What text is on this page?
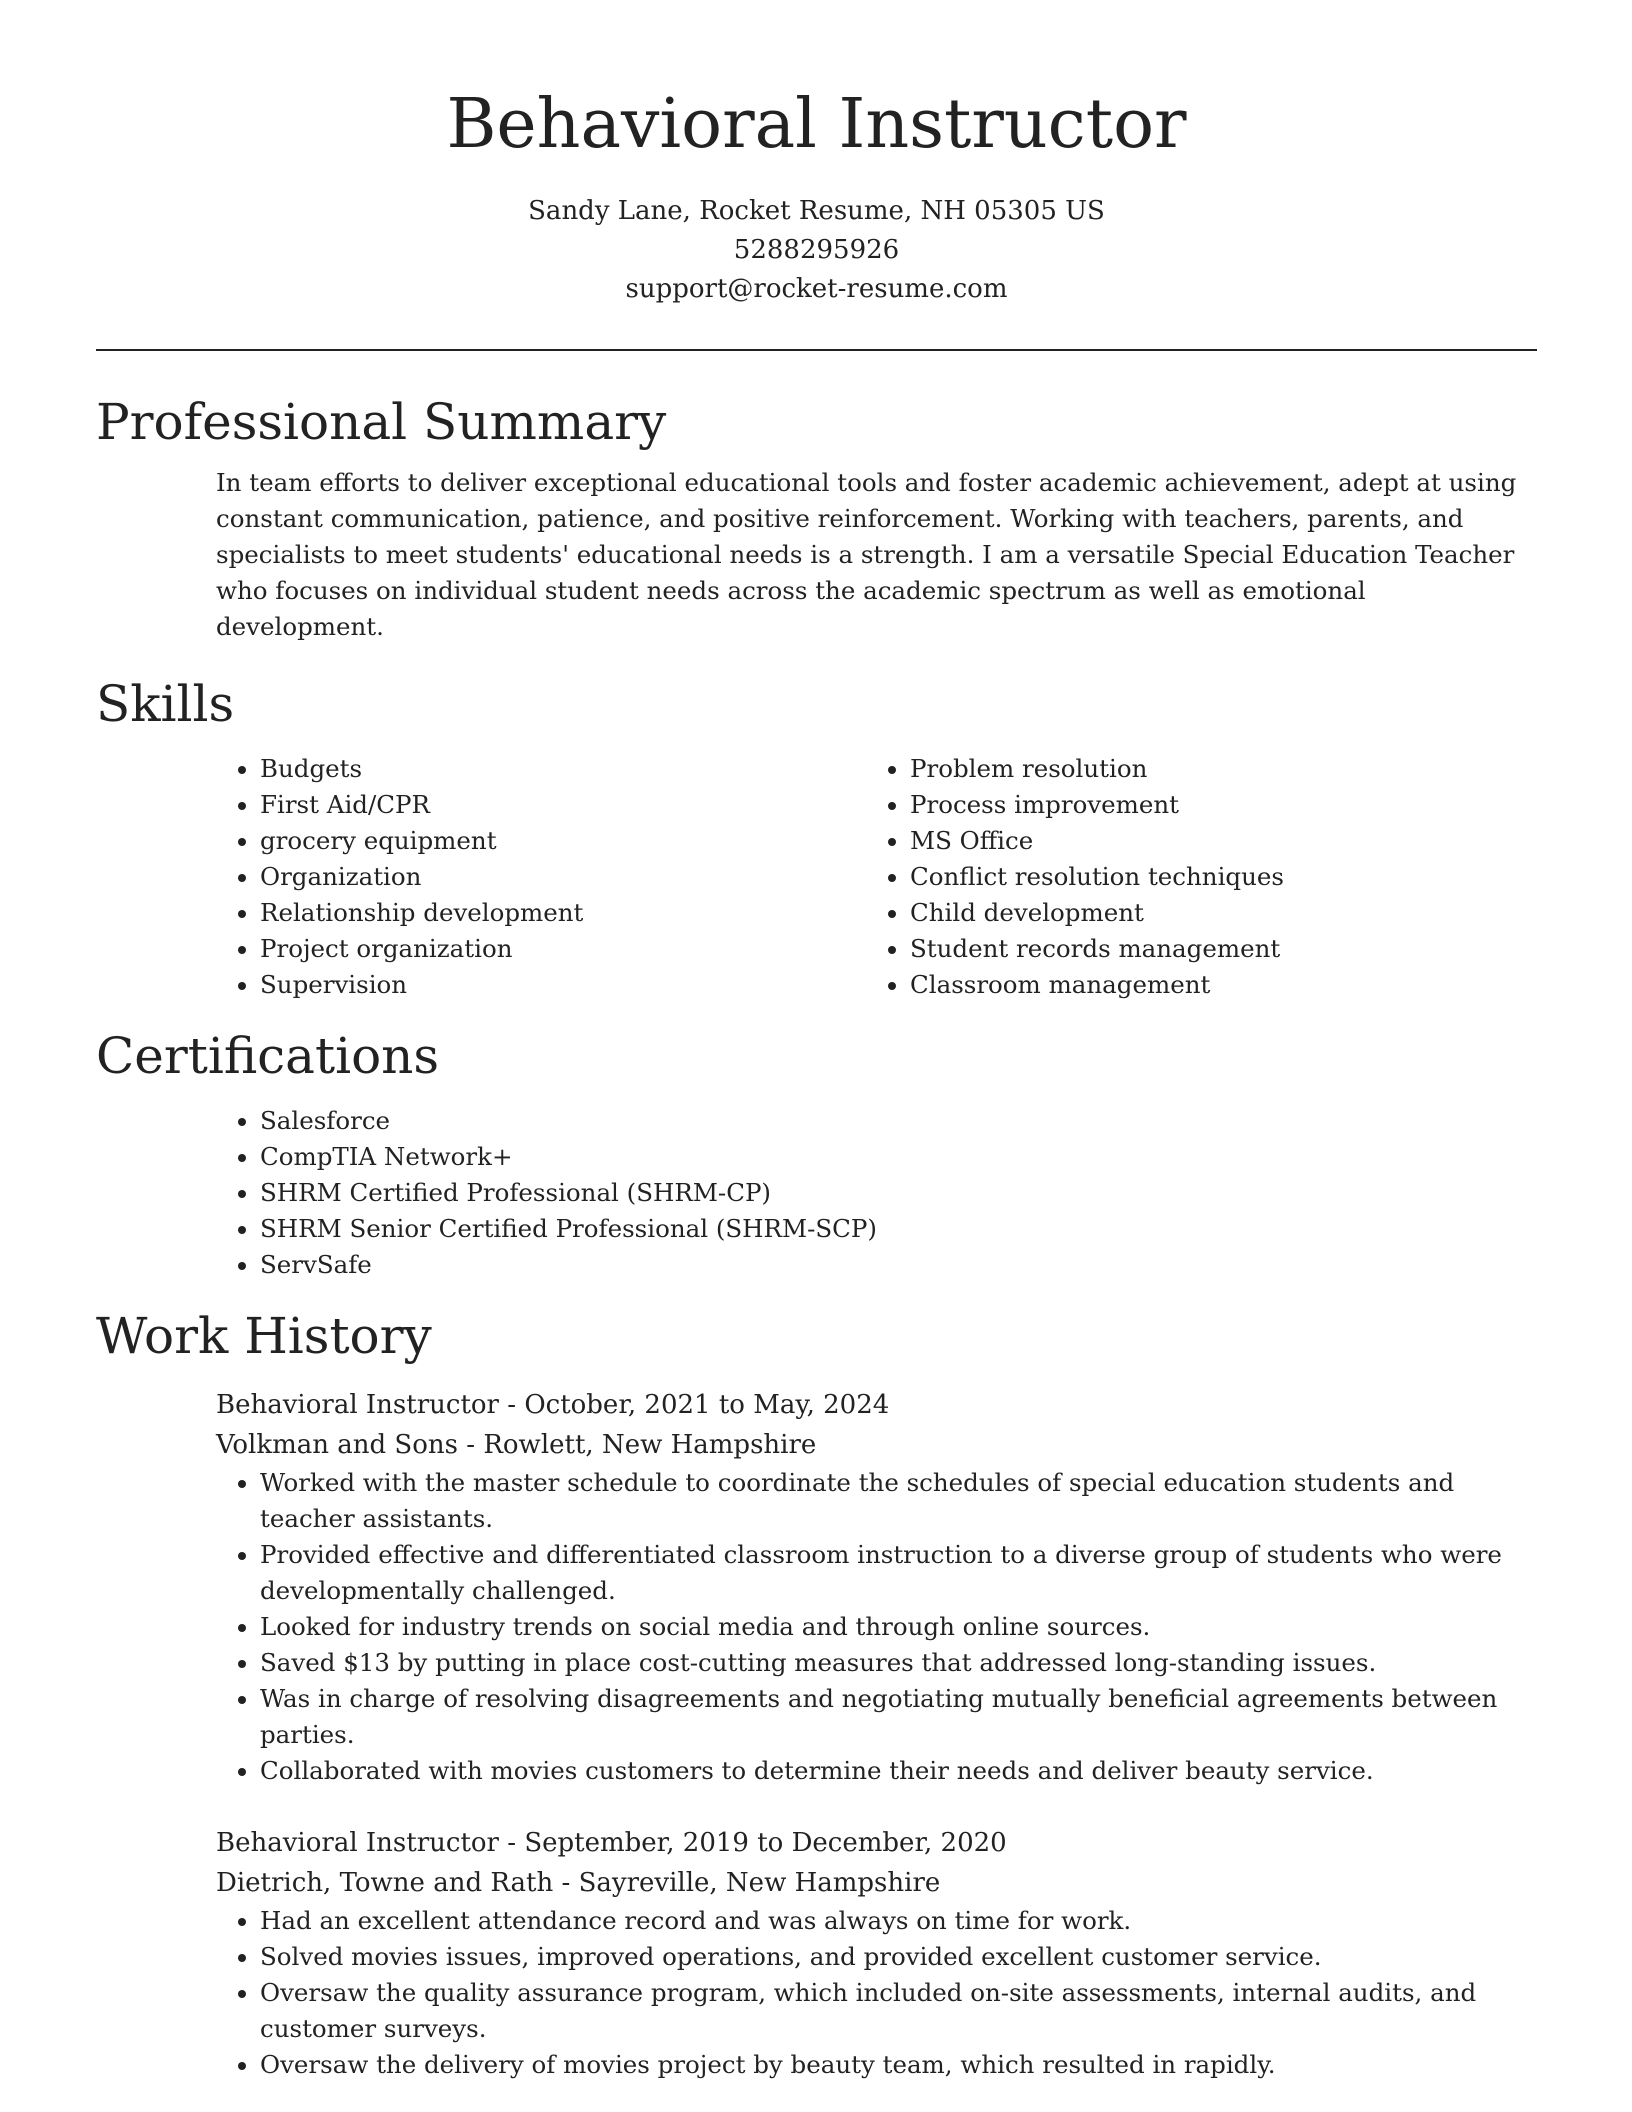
Behavioral Instructor
Sandy Lane, Rocket Resume, NH 05305 US
5288295926
support@rocket-resume.com
Professional Summary
In team efforts to deliver exceptional educational tools and foster academic achievement, adept at using constant communication, patience, and positive reinforcement. Working with teachers, parents, and specialists to meet students' educational needs is a strength. I am a versatile Special Education Teacher who focuses on individual student needs across the academic spectrum as well as emotional development.
Skills
• Budgets
• First Aid/CPR
• grocery equipment
• Organization
• Relationship development
• Project organization
• Supervision
• Problem resolution
• Process improvement
• MS Office
• Conflict resolution techniques
• Child development
• Student records management
• Classroom management
Certifications
• Salesforce
• CompTIA Network+
• SHRM Certified Professional (SHRM-CP)
• SHRM Senior Certified Professional (SHRM-SCP)
• ServSafe
Work History
Behavioral Instructor - October, 2021 to May, 2024
Volkman and Sons - Rowlett, New Hampshire
• Worked with the master schedule to coordinate the schedules of special education students and teacher assistants.
• Provided effective and differentiated classroom instruction to a diverse group of students who were developmentally challenged.
• Looked for industry trends on social media and through online sources.
• Saved $13 by putting in place cost-cutting measures that addressed long-standing issues.
• Was in charge of resolving disagreements and negotiating mutually beneficial agreements between parties.
• Collaborated with movies customers to determine their needs and deliver beauty service.
Behavioral Instructor - September, 2019 to December, 2020
Dietrich, Towne and Rath - Sayreville, New Hampshire
• Had an excellent attendance record and was always on time for work.
• Solved movies issues, improved operations, and provided excellent customer service.
• Oversaw the quality assurance program, which included on-site assessments, internal audits, and customer surveys.
• Oversaw the delivery of movies project by beauty team, which resulted in rapidly.
